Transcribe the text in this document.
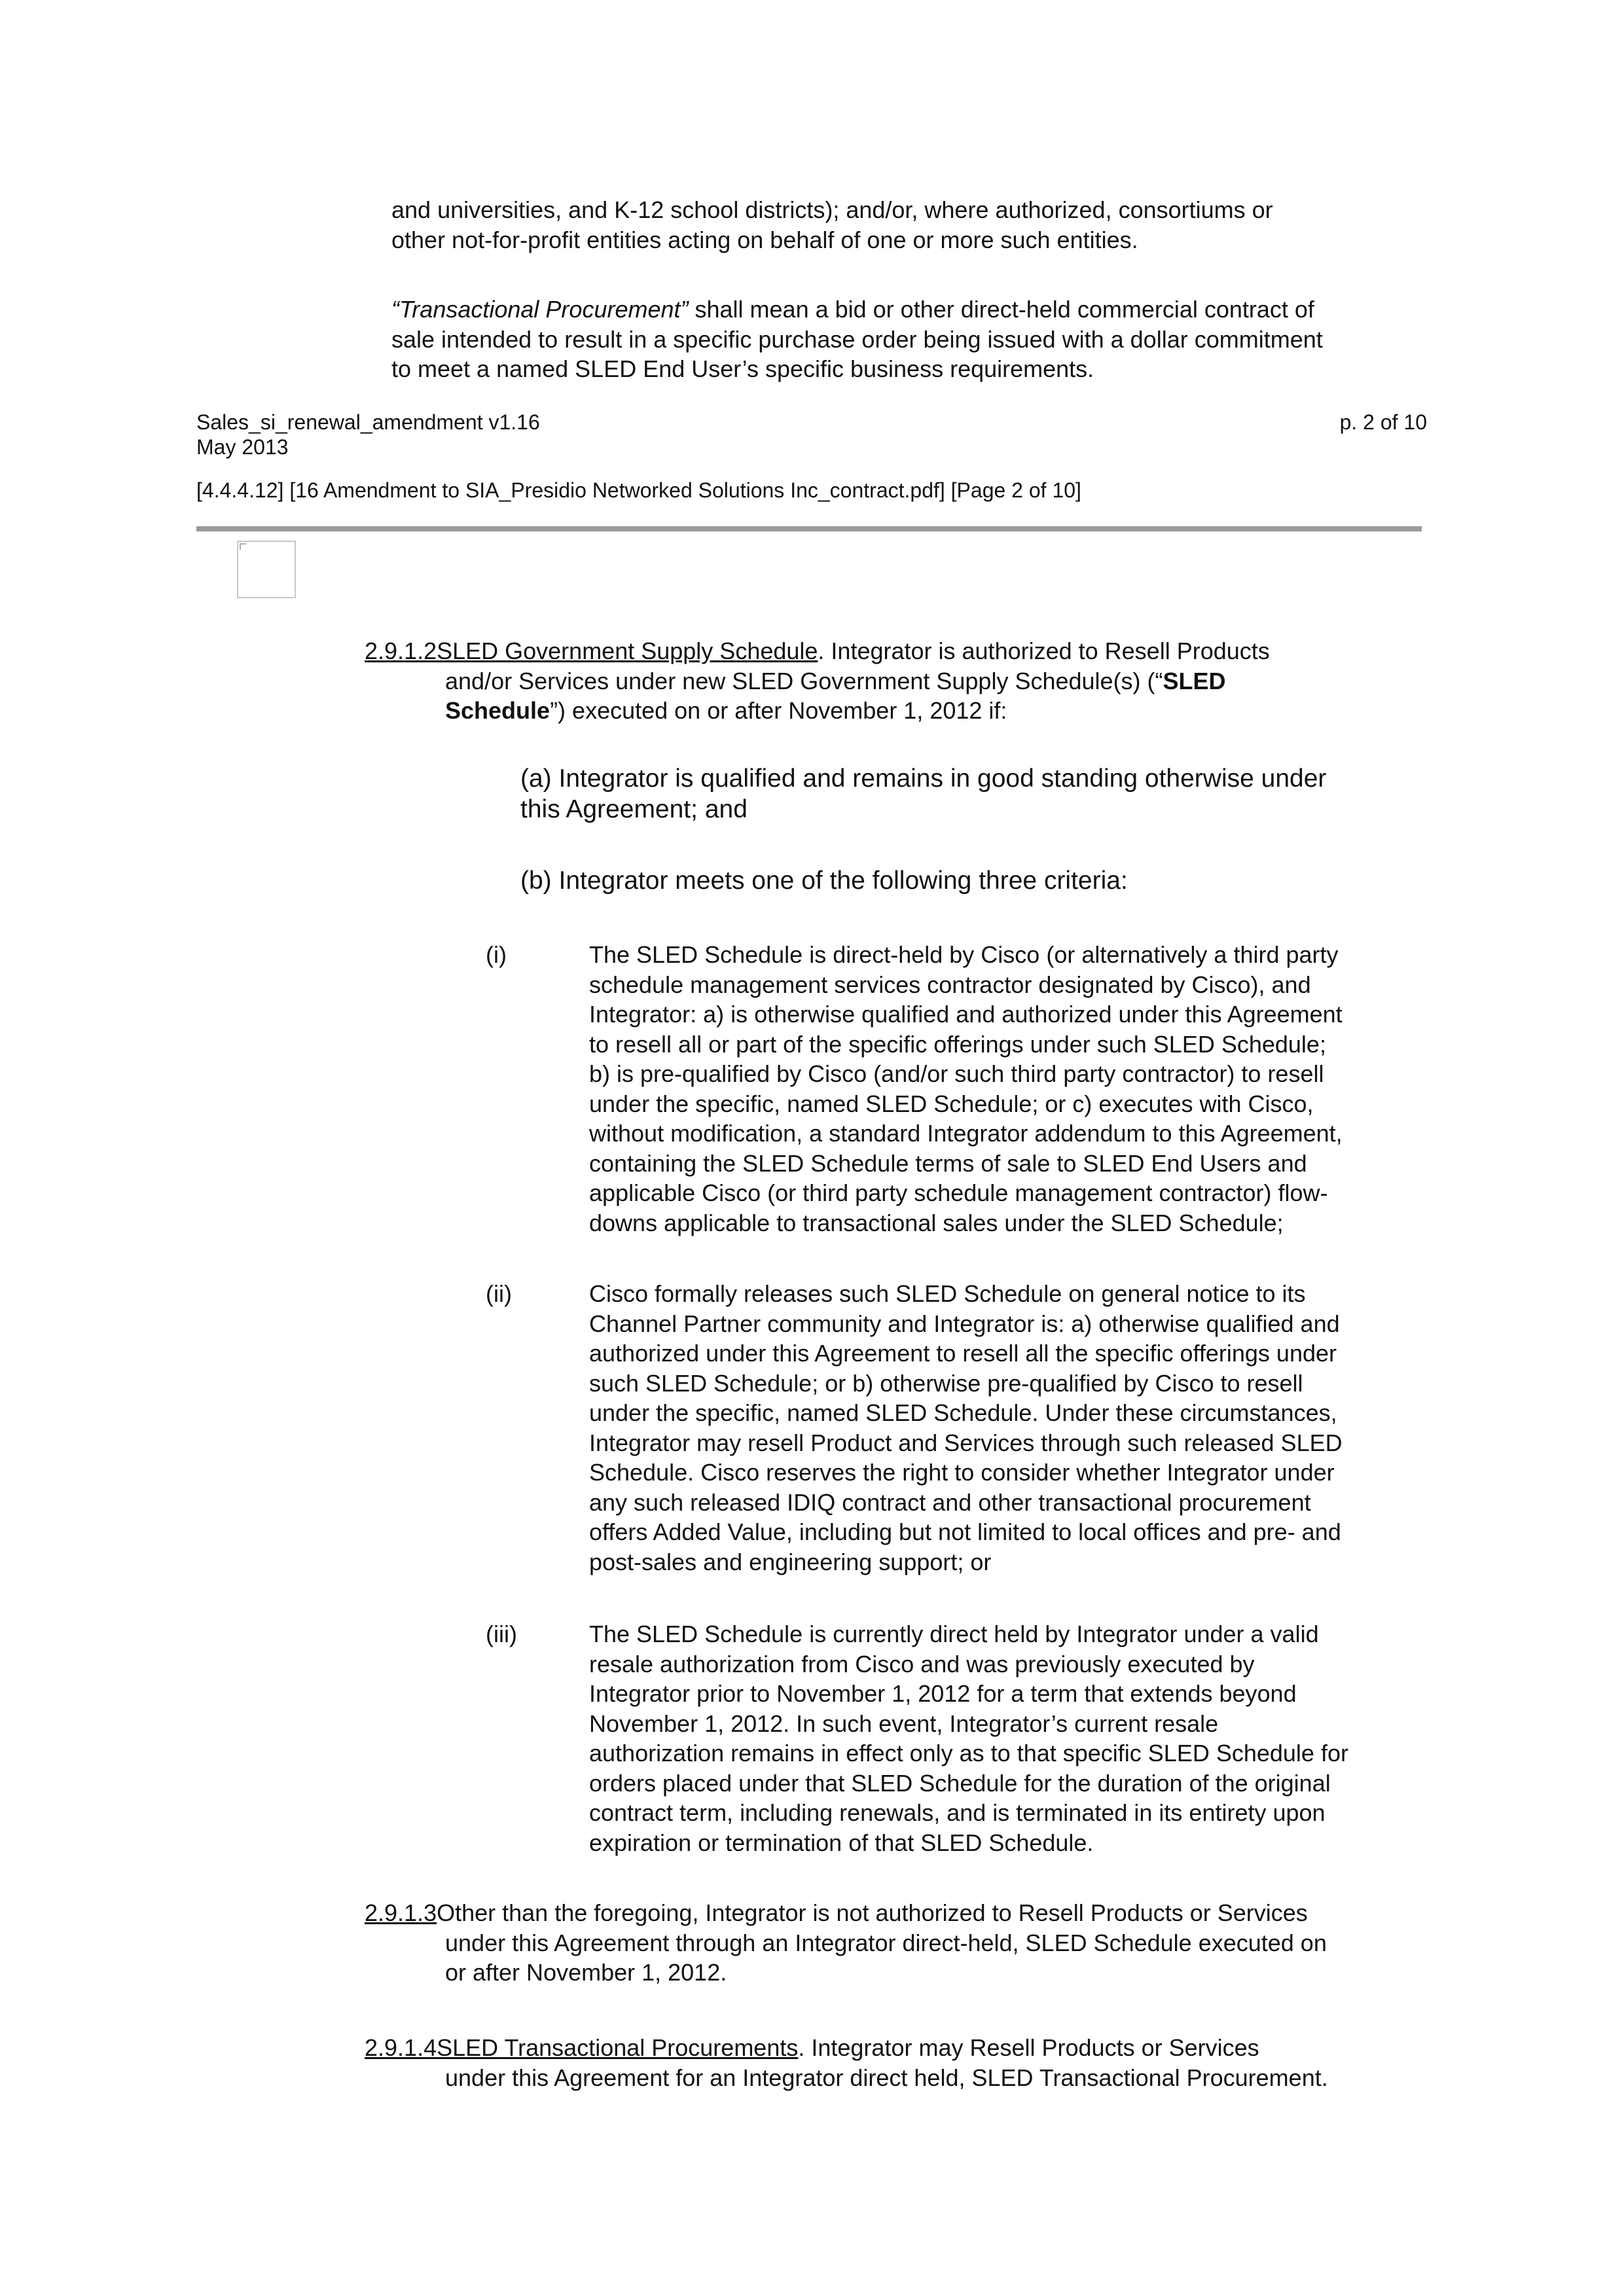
and universities, and K-12 school districts); and/or, where authorized, consortiums or
other not-for-profit entities acting on behalf of one or more such entities.
“Transactional Procurement” shall mean a bid or other direct-held commercial contract of
sale intended to result in a specific purchase order being issued with a dollar commitment
to meet a named SLED End User’s specific business requirements.
Sales_si_renewal_amendment v1.16
May 2013
p. 2 of 10
[4.4.4.12] [16 Amendment to SIA_Presidio Networked Solutions Inc_contract.pdf] [Page 2 of 10]
2.9.1.2SLED Government Supply Schedule. Integrator is authorized to Resell Products
and/or Services under new SLED Government Supply Schedule(s) (“SLED
Schedule”) executed on or after November 1, 2012 if:
(a) Integrator is qualified and remains in good standing otherwise under
this Agreement; and
(b) Integrator meets one of the following three criteria:
(i)	The SLED Schedule is direct-held by Cisco (or alternatively a third party
schedule management services contractor designated by Cisco), and
Integrator: a) is otherwise qualified and authorized under this Agreement
to resell all or part of the specific offerings under such SLED Schedule;
b) is pre-qualified by Cisco (and/or such third party contractor) to resell
under the specific, named SLED Schedule; or c) executes with Cisco,
without modification, a standard Integrator addendum to this Agreement,
containing the SLED Schedule terms of sale to SLED End Users and
applicable Cisco (or third party schedule management contractor) flow-
downs applicable to transactional sales under the SLED Schedule;
(ii)	Cisco formally releases such SLED Schedule on general notice to its
Channel Partner community and Integrator is: a) otherwise qualified and
authorized under this Agreement to resell all the specific offerings under
such SLED Schedule; or b) otherwise pre-qualified by Cisco to resell
under the specific, named SLED Schedule. Under these circumstances,
Integrator may resell Product and Services through such released SLED
Schedule. Cisco reserves the right to consider whether Integrator under
any such released IDIQ contract and other transactional procurement
offers Added Value, including but not limited to local offices and pre- and
post-sales and engineering support; or
(iii)	The SLED Schedule is currently direct held by Integrator under a valid
resale authorization from Cisco and was previously executed by
Integrator prior to November 1, 2012 for a term that extends beyond
November 1, 2012. In such event, Integrator’s current resale
authorization remains in effect only as to that specific SLED Schedule for
orders placed under that SLED Schedule for the duration of the original
contract term, including renewals, and is terminated in its entirety upon
expiration or termination of that SLED Schedule.
2.9.1.3Other than the foregoing, Integrator is not authorized to Resell Products or Services
under this Agreement through an Integrator direct-held, SLED Schedule executed on
or after November 1, 2012.
2.9.1.4SLED Transactional Procurements. Integrator may Resell Products or Services
under this Agreement for an Integrator direct held, SLED Transactional Procurement.
